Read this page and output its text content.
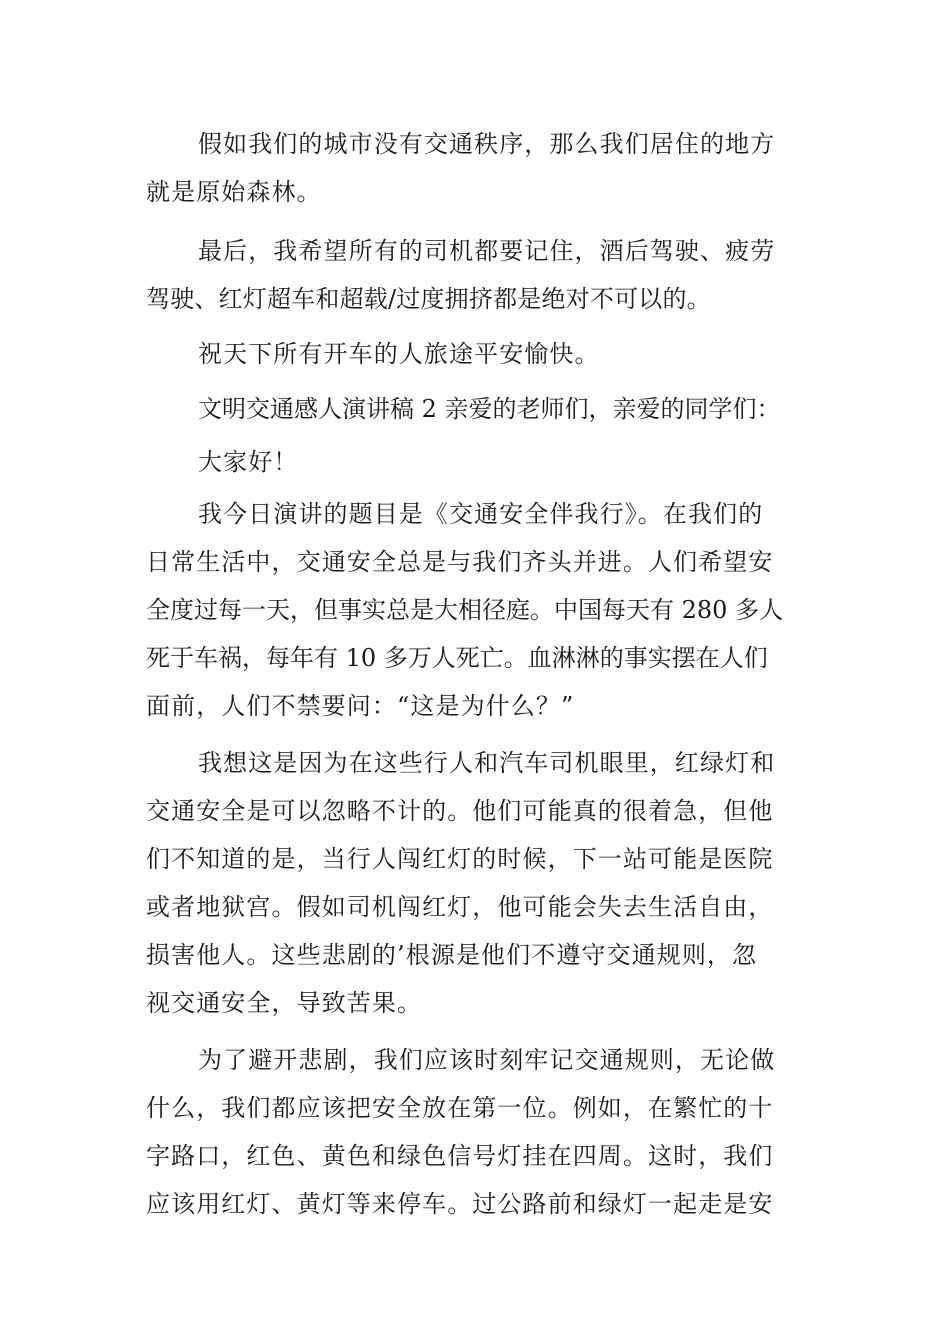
假如我们的城市没有交通秩序，那么我们居住的地方
就是原始森林。
最后，我希望所有的司机都要记住，酒后驾驶、疲劳
驾驶、红灯超车和超载/过度拥挤都是绝对不可以的。
祝天下所有开车的人旅途平安愉快。
文明交通感人演讲稿 2 亲爱的老师们，亲爱的同学们：
大家好！
我今日演讲的题目是《交通安全伴我行》。在我们的
日常生活中，交通安全总是与我们齐头并进。人们希望安
全度过每一天，但事实总是大相径庭。中国每天有 280 多人
死于车祸，每年有 10 多万人死亡。血淋淋的事实摆在人们
面前，人们不禁要问：“这是为什么？”
我想这是因为在这些行人和汽车司机眼里，红绿灯和
交通安全是可以忽略不计的。他们可能真的很着急，但他
们不知道的是，当行人闯红灯的时候，下一站可能是医院
或者地狱宫。假如司机闯红灯，他可能会失去生活自由，
损害他人。这些悲剧的’根源是他们不遵守交通规则，忽
视交通安全，导致苦果。
为了避开悲剧，我们应该时刻牢记交通规则，无论做
什么，我们都应该把安全放在第一位。例如，在繁忙的十
字路口，红色、黄色和绿色信号灯挂在四周。这时，我们
应该用红灯、黄灯等来停车。过公路前和绿灯一起走是安
